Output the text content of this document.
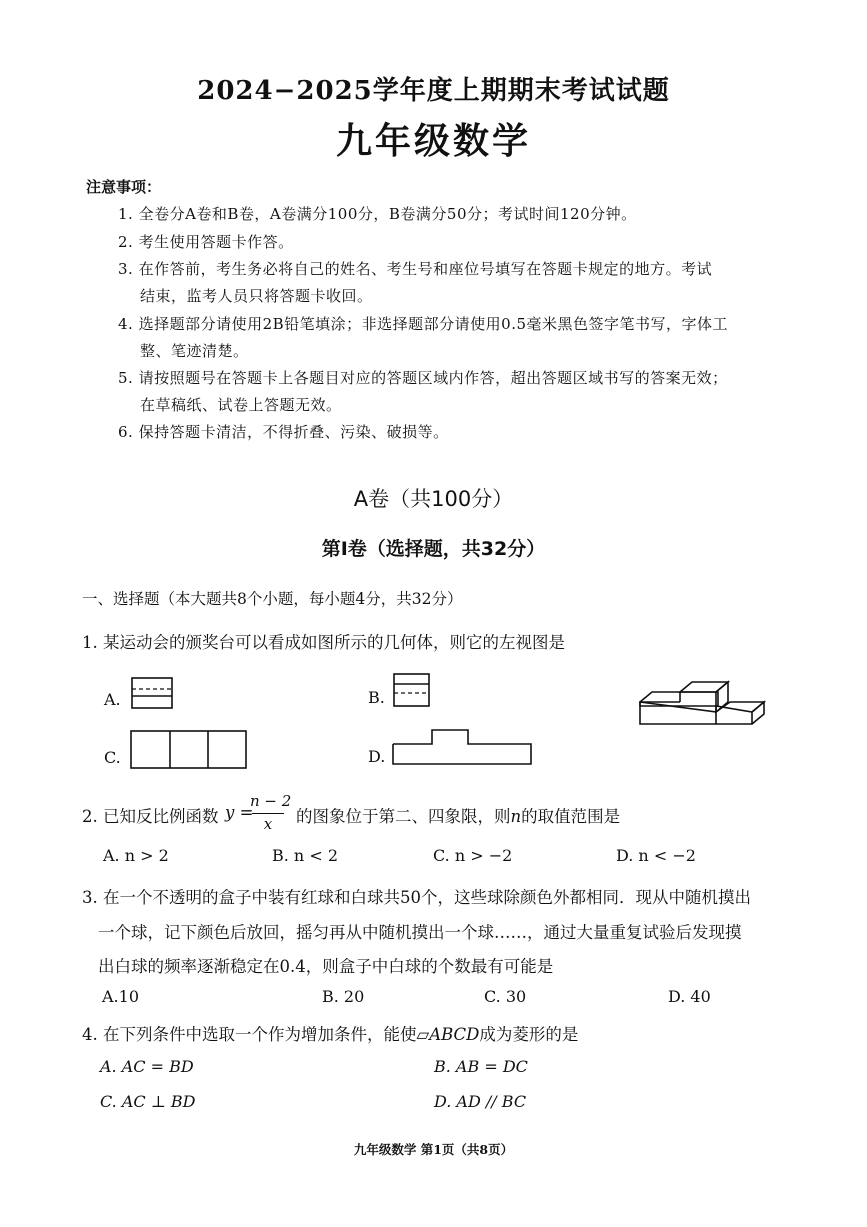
2024−2025学年度上期期末考试试题
九年级数学
注意事项：
1. 全卷分A卷和B卷，A卷满分100分，B卷满分50分；考试时间120分钟。
2. 考生使用答题卡作答。
3. 在作答前，考生务必将自己的姓名、考生号和座位号填写在答题卡规定的地方。考试
结束，监考人员只将答题卡收回。
4. 选择题部分请使用2B铅笔填涂；非选择题部分请使用0.5毫米黑色签字笔书写，字体工
整、笔迹清楚。
5. 请按照题号在答题卡上各题目对应的答题区域内作答，超出答题区域书写的答案无效；
在草稿纸、试卷上答题无效。
6. 保持答题卡清洁，不得折叠、污染、破损等。
A卷（共100分）
第Ⅰ卷（选择题，共32分）
一、选择题（本大题共8个小题，每小题4分，共32分）
1. 某运动会的颁奖台可以看成如图所示的几何体，则它的左视图是
A.	B.
C.	D.
2. 已知反比例函数 y =
n − 2
x	的图象位于第二、四象限，则n的取值范围是
A. n > 2	B. n < 2	C. n > −2	D. n < −2
3. 在一个不透明的盒子中装有红球和白球共50个，这些球除颜色外都相同．现从中随机摸出
一个球，记下颜色后放回，摇匀再从中随机摸出一个球……，通过大量重复试验后发现摸
出白球的频率逐渐稳定在0.4，则盒子中白球的个数最有可能是
A.10	B. 20	C. 30	D. 40
4. 在下列条件中选取一个作为增加条件，能使▱ABCD成为菱形的是
A. AC = BD	B. AB = DC
C. AC ⊥ BD	D. AD // BC
九年级数学 第1页（共8页）
